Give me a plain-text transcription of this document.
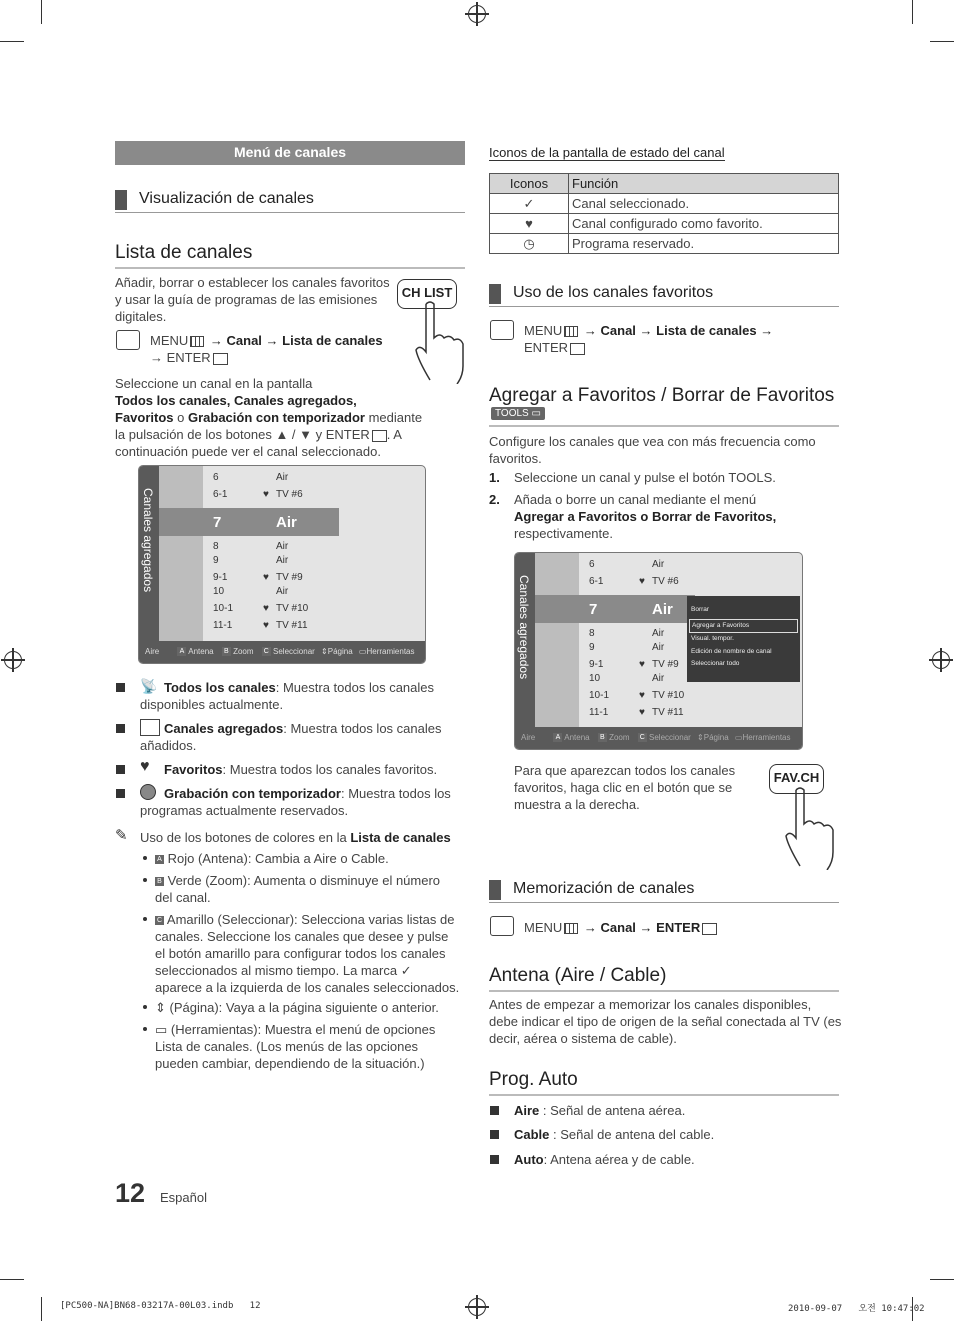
Menú de canales
Visualización de canales
Lista de canales
Añadir, borrar o establecer los canales favoritos y usar la guía de programas de las emisiones digitales.
CH LIST
MENU → Canal → Lista de canales
→ ENTER
Seleccione un canal en la pantalla
Todos los canales, Canales agregados,
Favoritos o Grabación con temporizador mediante
la pulsación de los botones ▲ / ▼ y ENTER . A
continuación puede ver el canal seleccionado.
Canales agregados
6	Air
6-1	♥ TV #6
7	Air
8	Air
9	Air
9-1	♥ TV #9
10	Air
10-1	♥ TV #10
11-1	♥ TV #11
Aire	A Antena B Zoom C Seleccionar ⇕Página ▭Herramientas
📡 Todos los canales: Muestra todos los canales
disponibles actualmente.
Canales agregados: Muestra todos los canales
añadidos.
♥	Favoritos: Muestra todos los canales favoritos.
Grabación con temporizador: Muestra todos los
programas actualmente reservados.
✎ Uso de los botones de colores en la Lista de canales
A Rojo (Antena): Cambia a Aire o Cable.
B Verde (Zoom): Aumenta o disminuye el número
del canal.
C Amarillo (Seleccionar): Selecciona varias listas de
canales. Seleccione los canales que desee y pulse
el botón amarillo para configurar todos los canales
seleccionados al mismo tiempo. La marca ✓
aparece a la izquierda de los canales seleccionados.
⇕ (Página): Vaya a la página siguiente o anterior.
▭ (Herramientas): Muestra el menú de opciones
Lista de canales. (Los menús de las opciones
pueden cambiar, dependiendo de la situación.)
Iconos de la pantalla de estado del canal
Iconos	Función
✓	Canal seleccionado.
♥	Canal configurado como favorito.
◷	Programa reservado.
Uso de los canales favoritos
MENU → Canal → Lista de canales →
ENTER
Agregar a Favoritos / Borrar de Favoritos
TOOLS ▭
Configure los canales que vea con más frecuencia como
favoritos.
1. Seleccione un canal y pulse el botón TOOLS.
2. Añada o borre un canal mediante el menú
Agregar a Favoritos o Borrar de Favoritos,
respectivamente.
Canales agregados
6	Air
6-1	♥ TV #6
7	Air
8	Air
9	Air
9-1	♥ TV #9
10	Air
10-1	♥ TV #10
11-1	♥ TV #11
Borrar
Agregar a Favoritos
Visual. tempor.
Edición de nombre de canal
Seleccionar todo
Aire	A Antena B Zoom C Seleccionar ⇕Página ▭Herramientas
Para que aparezcan todos los canales
favoritos, haga clic en el botón que se
muestra a la derecha.
FAV.CH
Memorización de canales
MENU → Canal → ENTER
Antena (Aire / Cable)
Antes de empezar a memorizar los canales disponibles,
debe indicar el tipo de origen de la señal conectada al TV (es
decir, aérea o sistema de cable).
Prog. Auto
Aire : Señal de antena aérea.
Cable : Señal de antena del cable.
Auto: Antena aérea y de cable.
12 Español
[PC500-NA]BN68-03217A-00L03.indb   12	2010-09-07   오전 10:47:02
